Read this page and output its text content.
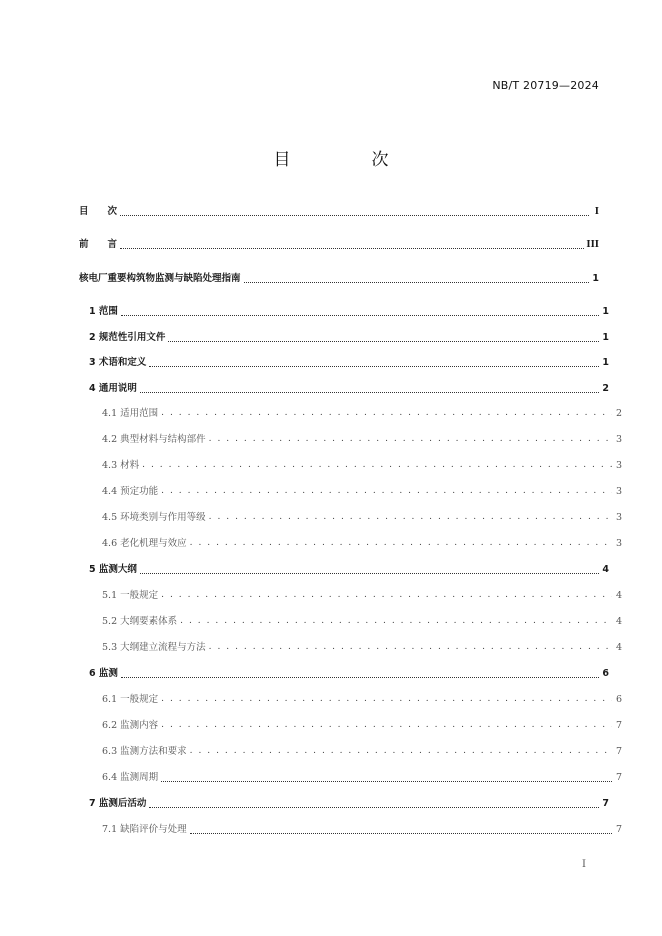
NB/T 20719—2024
目　次
目　　次	I
前　　言	III
核电厂重要构筑物监测与缺陷处理指南	1
1 范围	1
2 规范性引用文件	1
3 术语和定义	1
4 通用说明	2
4.1 适用范围 . . .	2
4.2 典型材料与结构部件 . . .	3
4.3 材料 . . .	3
4.4 预定功能 . . .	3
4.5 环境类别与作用等级 . . .	3
4.6 老化机理与效应 . . .	3
5 监测大纲	4
5.1 一般规定 . . .	4
5.2 大纲要素体系 . . .	4
5.3 大纲建立流程与方法 . . .	4
6 监测	6
6.1 一般规定 . . .	6
6.2 监测内容 . . .	7
6.3 监测方法和要求 . . .	7
6.4 监测周期	7
7 监测后活动	7
7.1 缺陷评价与处理	7
I
